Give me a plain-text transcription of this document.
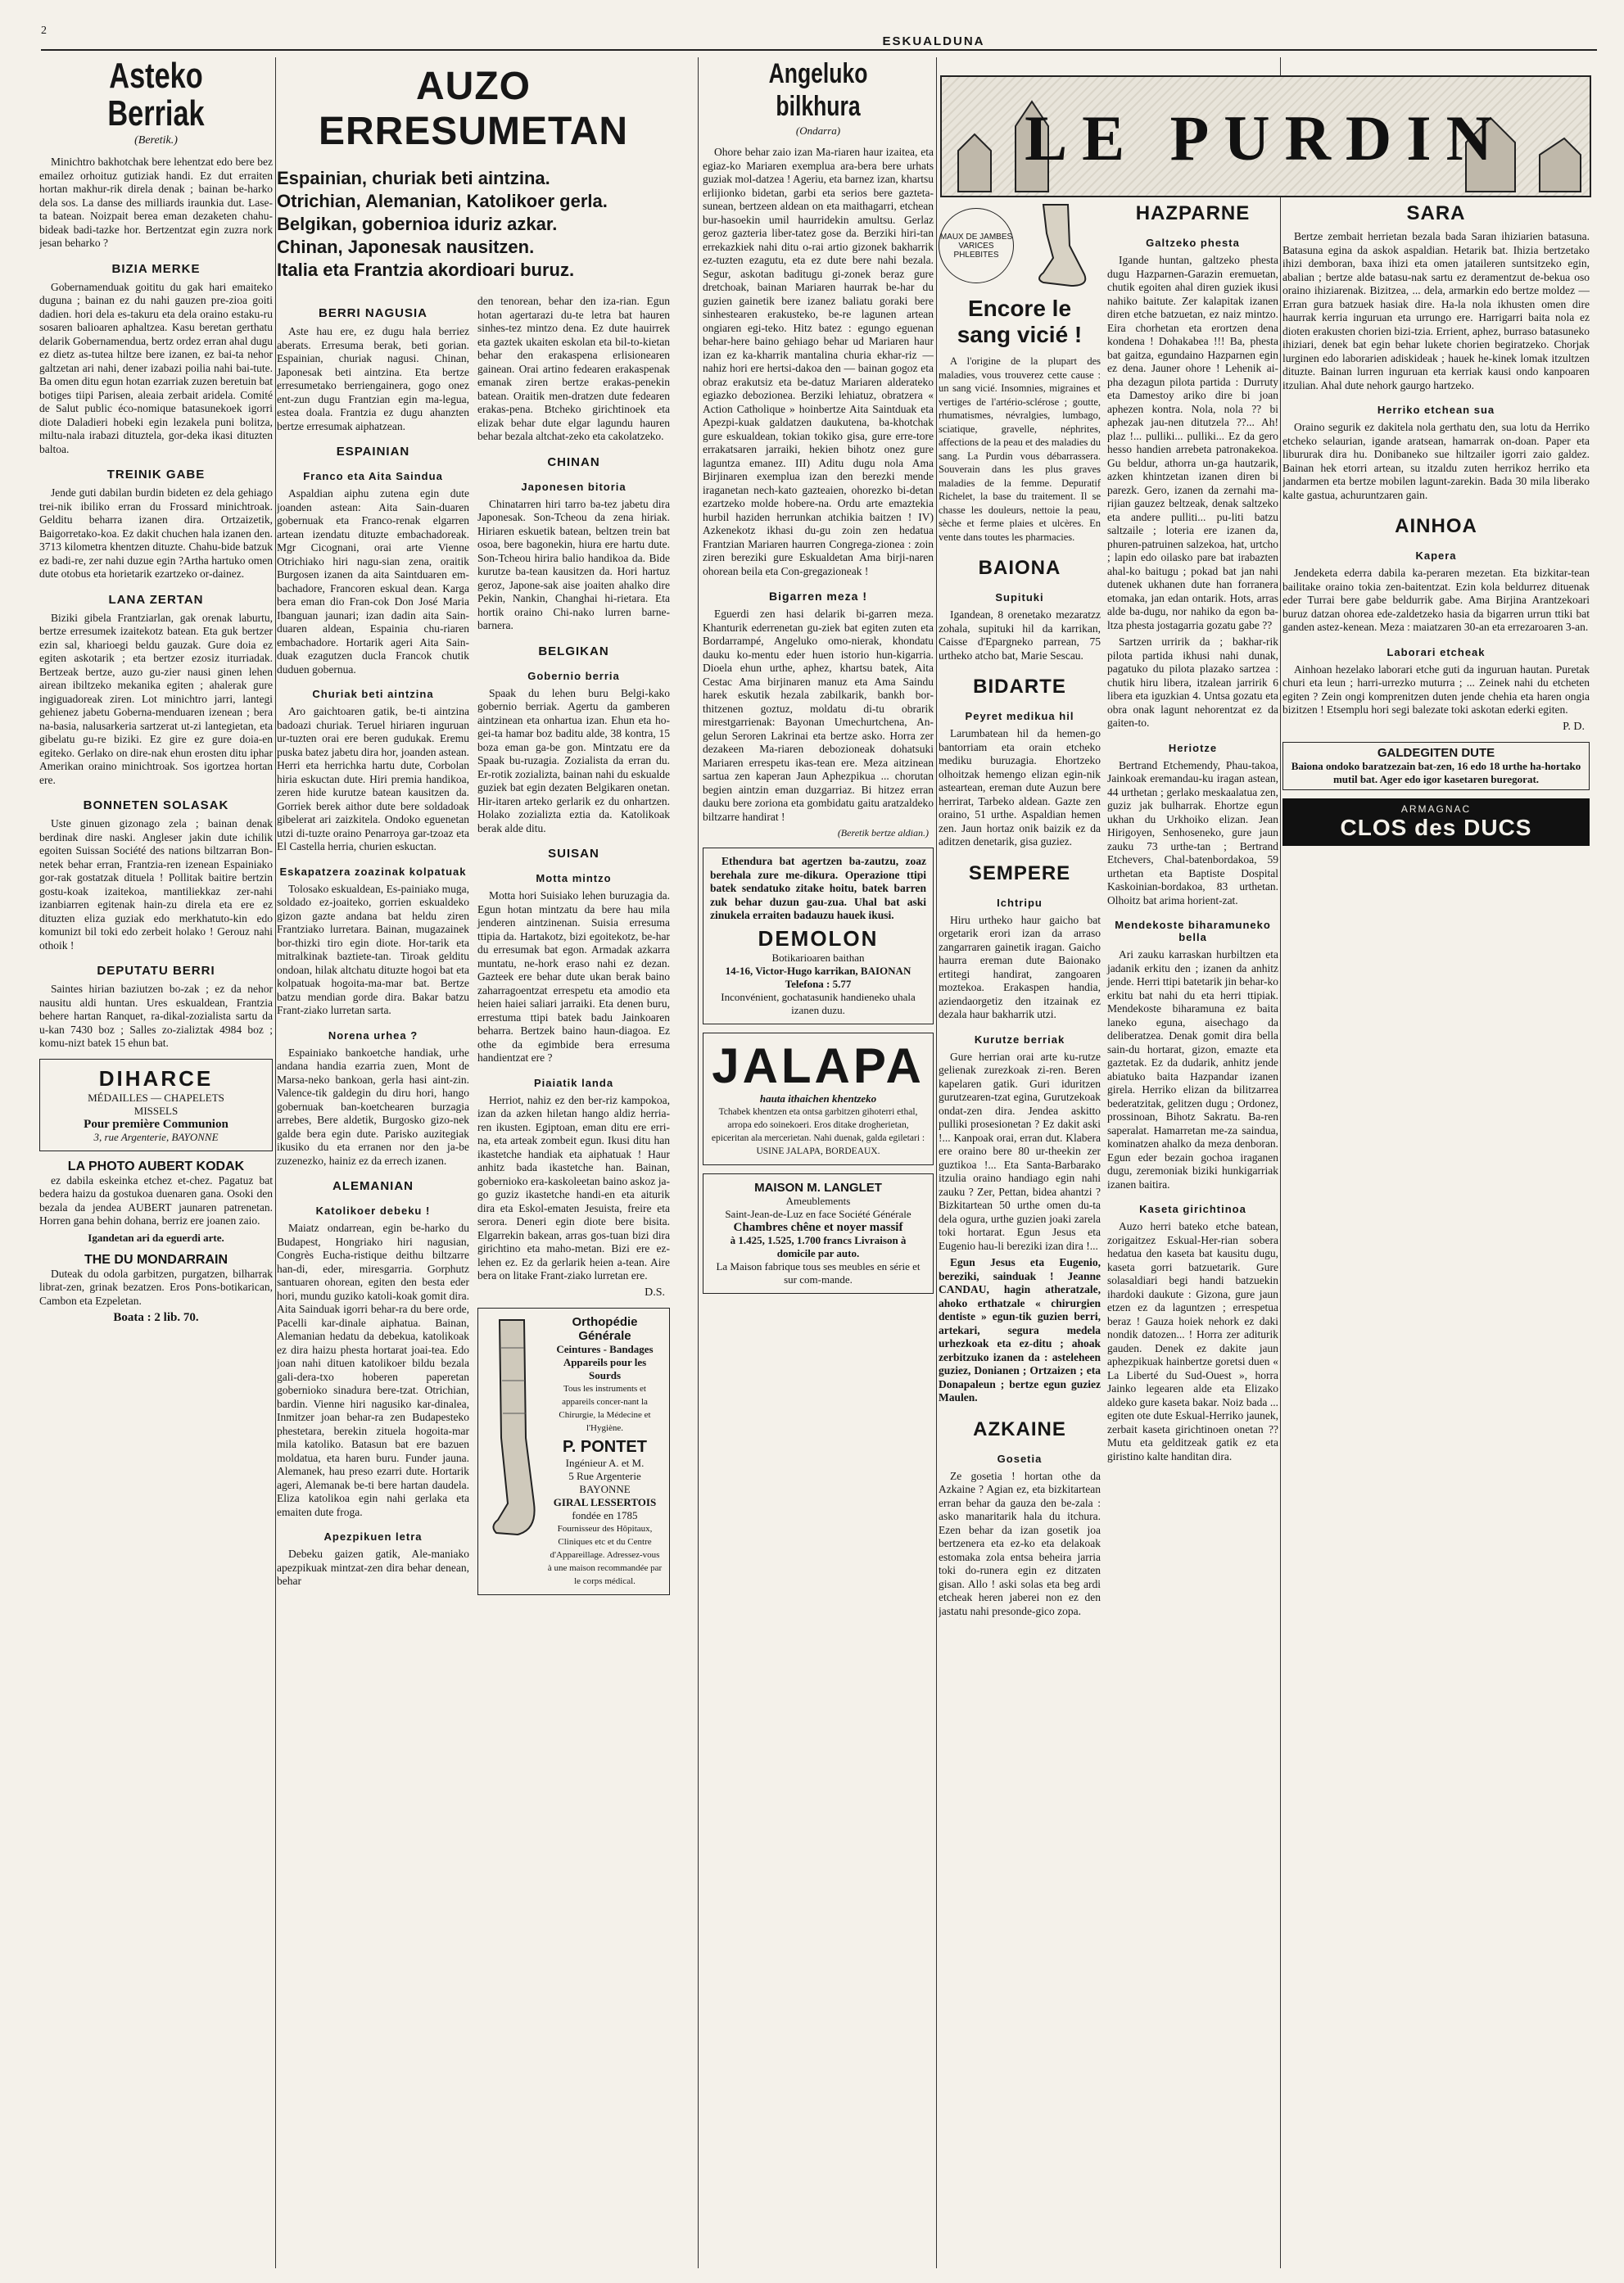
2
ESKUALDUNA
Asteko Berriak
(Beretik.)

Minichtro bakhotchak bere lehentzat edo bere bez emailez orhoituz gutiziak handi. Ez dut erraiten hortan makhur-rik direla denak ; bainan be-harko dela sos. La danse des milliards iraunkia dut. Lase-ta batean. Noizpait berea eman dezaketen chahu-bideak badi-tazke hor. Bertzentzat egin zuzra nork jesan beharko ?

BIZIA MERKE

Gobernamenduak goititu du gak hari emaiteko duguna ; bainan ez du nahi gauzen pre-zioa goiti dadien. hori dela es-takuru eta dela oraino estaku-ru sosaren balioaren aphaltzea. Kasu beretan gerthatu delarik Gobernamendua, bertz ordez erran ahal dugu ez dietz as-tutea hiltze bere izanen, ez bai-ta nehor galtzetan ari nahi, dener izabazi poilia nahi bai-tute. Ba omen ditu egun hotan ezarriak zuzen beretuin bat botiges tiipi Parisen, aleaia zerbait aridela. Comité de Salut public éco-nomique batasunekoek igorri diote Daladieri hobeki egin lezakela puni bolitza, miltu-nala irabazi dituztela, gor-deka ikasi dituzten baltoa.

TREINIK GABE

Jende guti dabilan burdin bideten ez dela gehiago trei-nik ibiliko erran du Frossard minichtroak. Gelditu beharra izanen dira. Ortzaizetik, Baigorretako-koa. Ez dakit chuchen hala izanen den. 3713 kilometra khentzen dituzte. Chahu-bide batzuk ez badi-re, zer nahi duzue egin ?Artha hartuko omen dute otobus eta horietarik ezartzeko or-dainez.

LANA ZERTAN

Biziki gibela Frantziarlan, gak orenak laburtu, bertze erresumek izaitekotz batean. Eta guk bertzer ezin sal, kharioegi beldu gauzak. Gure doia ez egiten askotarik ; eta bertzer ezosiz iturriadak. Bertzeak bertze, auzo gu-zier nausi ginen lehen airean ibiltzeko mekanika egiten ; ahalerak gure ingiguadoreak ziren. Lot minichtro jarri, lantegi gehienez jabetu Goberna-menduaren izenean ; bera na-basia, nalusarkeria sartzerat ut-zi lantegietan, eta gibelatu gu-re biziki. Ez gire ez gure doia-en egiteko. Gerlako on dire-nak ehun erosten ditu iphar Amerikan oraino minichtroak. Sos igortzea hortan ere.

BONNETEN SOLASAK

Uste ginuen gizonago zela ; bainan denak berdinak dire naski. Angleser jakin dute ichilik egoiten Suissan Société des nations biltzarran Bon-netek behar erran, Frantzia-ren izenean Espainiako gor-rak gostatzak dituela ! Pollitak baitire bertzin gostu-koak izaitekoa, mantiliekkaz zer-nahi izanbiarren egitenak hain-zu direla eta ere ez dituzten eliza guziak edo merkhatuto-kin edo komunizt bil toki edo zerbeit holako ! Gerouz nahi othoik !

DEPUTATU BERRI

Saintes hirian baziutzen bo-zak ; ez da nehor nausitu aldi huntan. Ures eskualdean, Frantzia behere hartan Ranquet, ra-dikal-zozialista sartu da u-kan 7430 boz ; Salles zo-zializtak 4984 boz ; komu-nizt batek 15 ehun bat.

DIHARCE
MÉDAILLES — CHAPELETS
MISSELS
Pour première Communion
3, rue Argenterie, BAYONNE
LA PHOTO AUBERT KODAK

ez dabila eskeinka etchez et-chez. Pagatuz bat bedera haizu da gostukoa duenaren gana. Osoki den bezala da jendea AUBERT jaunaren patrenetan. Horren gana behin dohana, berriz ere joanen zaio.

Igandetan ari da eguerdi arte.
THE DU MONDARRAIN

Duteak du odola garbitzen, purgatzen, bilharrak librat-zen, grinak bezatzen. Eros Pons-botikarican, Cambon eta Ezpeletan.

Boata : 2 lib. 70.
AUZO ERRESUMETAN
Espainian, churiak beti aintzina.
Otrichian, Alemanian, Katolikoer gerla.
Belgikan, gobernioa iduriz azkar.
Chinan, Japonesak nausitzen.
Italia eta Frantzia akordioari buruz.
BERRI NAGUSIA

Aste hau ere, ez dugu hala berriez aberats. Erresuma berak, beti gorian. Espainian, churiak nagusi. Chinan, Japonesak beti aintzina. Eta bertze erresumetako berriengainera, gogo onez ent-zun dugu Frantzian egin ma-legua, estea doala. Frantzia ez dugu ahanzten bertze erresumak aiphatzean.

ESPAINIAN
Franco eta Aita Saindua

Aspaldian aiphu zutena egin dute joanden astean: Aita Sain-duaren gobernuak eta Franco-renak elgarren artean izendatu dituzte embachadoreak. Mgr Cicognani, orai arte Vienne Otrichiako hiri nagu-sian zena, oraitik Burgosen izanen da aita Saintduaren em-bachadore, Francoren eskual dean. Karga bera eman dio Fran-cok Don José Maria Ibanguan jaunari; izan dadin aita Sain-duaren aldean, Espainia chu-riaren embachadore. Hortarik ageri Aita Sain-duak ezagutzen ducla Francok chutik duduen gobernua.

Churiak beti aintzina

Aro gaichtoaren gatik, be-ti aintzina badoazi churiak. Teruel hiriaren inguruan ur-tuzten orai ere beren gudukak. Eremu puska batez jabetu dira hor, joanden astean. Herri eta herrichka hartu dute, Corbolan hiria eskuctan dute. Hiri premia handikoa, zeren hide kurutze batean kausitzen da. Gorriek berek aithor dute bere soldadoak gibelerat ari zaizkitela. Ondoko eguenetan utzi di-tuzte oraino Penarroya gar-tzoaz eta El Castella herria, churien eskuctan.

Eskapatzera zoazinak kolpatuak

Tolosako eskualdean, Es-painiako muga, soldado ez-joaiteko, gorrien eskualdeko gizon gazte andana bat heldu ziren Frantziako lurretara. Bainan, mugazainek bor-thizki tiro egin diote. Hor-tarik eta mitralkinak baztiete-tan. Tiroak gelditu ondoan, hilak altchatu dituzte hogoi bat eta kolpatuak hogoita-ma-mar bat. Bertze batzu mendian gorde dira. Bakar batzu Frant-ziako lurretan sarta.

Norena urhea ?

Espainiako bankoetche handiak, urhe andana handia ezarria zuen, Mont de Marsa-neko bankoan, gerla hasi aint-zin. Valence-tik galdegin du diru hori, hango gobernuak ban-koetchearen burzagia arrebes, Bere aldetik, Burgosko gizo-nek galde bera egin dute. Parisko auzitegiak ikusiko du eta erranen nor den ja-be zuzenezko, hainiz ez da errech izanen.

ALEMANIAN
Katolikoer debeku !

Maiatz ondarrean, egin be-harko du Budapest, Hongriako hiri nagusian, Congrès Eucha-ristique deithu biltzarre han-di, eder, miresgarria. Gorphutz santuaren ohorean, egiten den besta eder hori, mundu guziko katoli-koak gomit dira. Aita Sainduak igorri behar-ra du bere orde, Pacelli kar-dinale aiphatua. Bainan, Alemanian hedatu da debekua, katolikoak ez dira haizu phesta hortarat joai-tea. Edo joan nahi dituen katolikoer bildu bezala gali-dera-txo hoberen paperetan gobernioko sinadura bere-tzat. Otrichian, bardin. Vienne hiri nagusiko kar-dinalea, Inmitzer joan behar-ra zen Budapesteko phestetara, berekin zituela hogoita-mar mila katoliko. Batasun bat ere bazuen moldatua, eta haren buru. Funder jauna. Alemanek, hau preso ezarri dute. Hortarik ageri, Alemanak be-ti bere hartan daudela. Eliza katolikoa egin nahi gerlaka eta emaiten dute froga.

Apezpikuen letra

Debeku gaizen gatik, Ale-maniako apezpikuak mintzat-zen dira behar denean, behar

den tenorean, behar den iza-rian. Egun hotan agertarazi du-te letra bat hauren sinhes-tez mintzo dena. Ez dute hauirrek eta gaztek ukaiten eskolan eta bil-to-kietan behar den erakaspena erlisionearen gainean. Orai artino fedearen erakaspenak emanak ziren bertze erakas-penekin batean. Oraitik men-dratzen dute fedearen erakas-pena. Btcheko girichtinoek eta elizak behar dute elgar lagundu hauren behar bezala altchat-zeko eta cakolatzeko.

CHINAN
Japonesen bitoria

Chinatarren hiri tarro ba-tez jabetu dira Japonesak. Son-Tcheou da zena hiriak. Hiriaren eskuetik batean, beltzen trein bat osoa, bere bagonekin, hiura ere hartu dute. Son-Tcheou hirira balio handikoa da. Bide kurutze ba-tean kausitzen da. Hori hartuz geroz, Japone-sak aise joaiten ahalko dire Pekin, Nankin, Changhai hi-rietara. Eta hortik oraino Chi-nako lurren barne-barnera.

BELGIKAN
Gobernio berria

Spaak du lehen buru Belgi-kako gobernio berriak. Agertu da gamberen aintzinean eta onhartua izan. Ehun eta ho-gei-ta hamar boz baditu alde, 38 kontra, 15 boza eman ga-be gon. Mintzatu ere da Spaak bu-ruzagia. Zozialista da erran du. Er-rotik zozializta, bainan nahi du eskualde guziek bat egin dezaten Belgikaren onetan. Hir-itaren arteko gerlarik ez du onhartzen. Holako zozializta eztia da. Katolikoak berak alde ditu.

SUISAN
Motta mintzo

Motta hori Suisiako lehen buruzagia da. Egun hotan mintzatu da bere hau mila jenderen aintzinenan. Suisia erresuma ttipia da. Hartakotz, bizi egoitekotz, be-har du erresumak bat egon. Armadak azkarra muntatu, ne-hork eraso nahi ez dezan. Gazteek ere behar dute ukan berak baino zaharragoentzat errespetu eta amodio eta heien haiei saliari jarraiki. Eta denen buru, errestuma ttipi batek badu Jainkoaren beharra. Bertzek baino haun-diagoa. Ez othe da egimbide bera erresuma handientzat ere ?

Piaiatik landa

Herriot, nahiz ez den ber-riz kampokoa, izan da azken hiletan hango aldiz herria-ren ikusten. Egiptoan, eman ditu ere erri-na, eta arteak zombeit egun. Ikusi ditu han ikastetche handiak eta aiphatuak ! Haur anhitz bada ikastetche han. Bainan, gobernioko era-kaskoleetan baino askoz ja-go guziz ikastetche handi-en eta aiturik dira eta Eskol-ematen Jesuista, freire eta serora. Deneri egin diote bere bisita. Elgarrekin bakean, arras gos-tuan bizi dira girichtino eta maho-metan. Bizi ere ez-lehen ez. Ez da gerlarik heien a-tean. Aire bera on litake Frant-ziako lurretan ere.

D.S.
Orthopédie Générale
Ceintures - Bandages
Appareils pour les Sourds
Tous les instruments et appareils concer-nant la Chirurgie, la Médecine et l'Hygiène.
P. PONTET
Ingénieur A. et M.
5 Rue Argenterie BAYONNE
GIRAL LESSERTOIS
fondée en 1785
Fournisseur des Hôpitaux, Cliniques etc et du Centre d'Appareillage. Adressez-vous à une maison recommandée par le corps médical.
Angeluko bilkhura
(Ondarra)

Ohore behar zaio izan Ma-riaren haur izaitea, eta egiaz-ko Mariaren exemplua ara-bera bere urhats guziak mol-datzea ! Ageriu, eta barnez izan, khartsu erlijionko bidetan, garbi eta serios bere gazteta-sunean, bertzeen aldean on eta maithagarri, etchean bur-hasoekin umil haurridekin amultsu. Gerlaz geroz gazteria liber-tatez gose da. Berziki hiri-tan errekazkiek nahi ditu o-rai artio gizonek bakharrik ez-tuzten ezagutu, eta ez dute bere nahi bezala. Segur, askotan baditugu gi-zonek beraz gure dretchoak, bainan Mariaren haurrak be-har du guzien gainetik bere izanez baliatu goraki bere sinhestearen erakusteko, be-re lagunen artean ongiaren egi-teko. Hitz batez : egungo eguenan behar-here baino gehiago behar ud Mariaren haur izan ez ka-kharrik mantalina churia ekhar-riz — nahiz hori ere hertsi-dakoa den — bainan gogoz eta obraz erakutsiz eta be-datuz Mariaren alderateko egiazko debozionea. Berziki lehiatuz, obratzera « Action Catholique » hoinbertze Aita Saintduak eta Apezpi-kuak galdatzen daukutena, ba-khotchak gure eskualdean, tokian tokiko gisa, gure erre-tore errakatsaren jarraiki, hekien bihotz onez gure laguntza emanez. III) Aditu dugu nola Ama Birjinaren exemplua izan den berezki mende iraganetan nech-kato gazteaien, ohorezko bi-detan ezartzeko molde hobere-na. Ordu arte emaztekia hurbil haziden herrunkan atchikia baitzen ! IV) Azkenekotz ikhasi du-gu zoin zen hedatua Frantzian Mariaren haurren Congrega-zionea : zoin ziren bereziki gure Eskualdetan Ama birji-naren ohorean beila eta Con-gregazioneak !

Bigarren meza !

Eguerdi zen hasi delarik bi-garren meza. Khanturik ederrenetan gu-ziek bat egiten zuten eta Bordarrampé, Angeluko omo-nierak, khondatu dauku ko-mentu eder huen istorio hun-kigarria. Dioela ehun urthe, aphez, khartsu batek, Aita Cestac Ama birjinaren manuz eta Ama Saindu harek eskutik hezala zabilkarik, bankh bor-thitzenen goztuz, moldatu di-tu obrarik mirestgarrienak: Bayonan Umechurtchena, An-gelun Seroren Lakrinai eta bertze asko. Horra zer dezakeen Ma-riaren debozioneak dohatsuki Mariaren errespetu ikas-tean ere. Meza aitzinean sartua zen kaperan Jaun Aphezpikua ... chorutan begien aintzin eman duzgarriaz. Bi hitzez erran dauku bere zoriona eta gombidatu gaitu aratzaldeko biltzarre handirat !

(Beretik bertze aldian.)

Ethendura bat agertzen ba-zautzu, zoaz berehala zure me-dikura. Operazione ttipi batek sendatuko zitake hoitu, batek barren zuk behar duzun gau-zua. Uhal bat aski zinukela erraiten badauzu hauek ikusi.

DEMOLON
Botikarioaren baithan
14-16, Victor-Hugo karrikan, BAIONAN
Telefona : 5.77
Inconvénient, gochatasunik handieneko uhala izanen duzu.
JALAPA
hauta ithaichen khentzeko
Tchabek khentzen eta ontsa garbitzen gihoterri ethal, arropa edo soinekoeri. Eros ditake drogherietan, epiceritan ala mercerietan. Nahi duenak, galda egiletari : USINE JALAPA, BORDEAUX.
MAISON M. LANGLET
Ameublements
Saint-Jean-de-Luz en face Société Générale
Chambres chêne et noyer massif
à 1.425, 1.525, 1.700 francs Livraison à domicile par auto.
La Maison fabrique tous ses meubles en série et sur com-mande.
LE PURDIN
MAUX DE JAMBES VARICES PHLEBITES
Encore le sang vicié !

A l'origine de la plupart des maladies, vous trouverez cette cause : un sang vicié. Insomnies, migraines et vertiges de l'artério-sclérose ; goutte, rhumatismes, névralgies, lumbago, sciatique, gravelle, néphrites, affections de la peau et des maladies du sang. La Purdin vous débarrassera. Souverain dans les plus graves maladies de la femme. Depuratif Richelet, la base du traitement. Il se chasse les douleurs, nettoie la peau, sèche et ferme plaies et ulcères. En vente dans toutes les pharmacies.

BAIONA
Supituki

Igandean, 8 orenetako mezaratzz zohala, supituki hil da karrikan, Caisse d'Epargneko parrean, 75 urtheko atcho bat, Marie Sescau.

BIDARTE
Peyret medikua hil

Larumbatean hil da hemen-go bantorriam eta orain etcheko mediku buruzagia. Ehortzeko olhoitzak hemengo elizan egin-nik asteartean, ereman dute Auzun bere herrirat, Tarbeko aldean. Gazte zen oraino, 51 urthe. Aspaldian hemen zen. Jaun hortaz onik baizik ez da aditzen denetarik, gisa guziez.

SEMPERE
Ichtripu

Hiru urtheko haur gaicho bat orgetarik erori izan da arraso zangarraren gainetik iragan. Gaicho haurra ereman dute Baionako ertitegi handirat, zangoaren moztekoa. Erakaspen handia, aziendaorgetiz den itzainak ez dezala haur bakharrik utzi.

Kurutze berriak

Gure herrian orai arte ku-rutze gelienak zurezkoak zi-ren. Beren kapelaren gatik. Guri iduritzen gurutzearen-tzat egina, Gurutzekoak ondat-zen dira. Jendea askitto pulliki prosesionetan ? Ez dakit aski !... Kanpoak orai, erran dut. Klabera ere oraino bere 80 ur-theekin zer guztikoa !... Eta Santa-Barbarako itzulia oraino handiago egin nahi zauku ? Zer, Pettan, bidea ahantzi ? Bizkitartean 50 urthe omen du-ta dela ogura, urthe guzien joaki zarela toki hortarat. Egun Jesus eta Eugenio hau-li bereziki izan dira !...

Egun Jesus eta Eugenio, bereziki, sainduak ! Jeanne CANDAU, hagin atheratzale, ahoko erthatzale « chirurgien dentiste » egun-tik guzien berri, artekari, segura medela urhezkoak eta ez-ditu ; ahoak zerbitzuko izanen da : asteleheen guziez, Donianen ; Ortzaizen ; eta Donapaleun ; bertze egun guziez Maulen.

AZKAINE
Gosetia

Ze gosetia ! hortan othe da Azkaine ? Agian ez, eta bizkitartean erran behar da gauza den be-zala : asko manaritarik hala du itchura. Ezen behar da izan gosetik joa bertzenera eta ez-ko eta delakoak estomaka zola entsa beheira jarria toki do-runera egin ez ditzaten gisan. Allo ! aski solas eta beg ardi etcheak heren jaberei non ez den jastatu nahi presonde-gico zopa.

HAZPARNE
Galtzeko phesta

Igande huntan, galtzeko phesta dugu Hazparnen-Garazin eremuetan, chutik egoiten ahal diren guziek ikusi nahiko baitute. Zer kalapitak izanen diren etche batzuetan, ez naiz mintzo. Eira chorhetan eta erortzen dena kondena ! Dohakabea !!! Ba, phesta bat gaitza, egundaino Hazparnen egin ez dena. Jauner ohore ! Lehenik ai-pha dezagun pilota partida : Durruty eta Damestoy ariko dire bi joan aphezen kontra. Nola, nola ?? bi aphezak jau-nen ditutzela ??... Ah! plaz !... pulliki... pulliki... Ez da gero hesso handien arrebeta patronakekoa. Gu beldur, athorra un-ga hautzarik, azken khintzetan izanen diren bi parezk. Gero, izanen da zernahi ma-rijian gauzez beltzeak, denak saltzeko eta andere pulliti... pu-liti batzu saltzaile ; loteria ere izanen da, phuren-patruinen salzekoa, hat, urtcho ; lapin edo oilasko pare bat irabazten ahal-ko baitugu ; pokad bat jan nahi dutenek ukhanen dute han forranera etomaka, jan edan ontarik. Hots, arras alde ba-dugu, nor nahiko da egon ba-ltza phesta jostagarria gozatu gabe ??

Sartzen urririk da ; bakhar-rik pilota partida ikhusi nahi dunak, pagatuko du pilota plazako sartzea : chutik hiru libera, itzalean jarririk 6 libera eta iguzkian 4. Untsa gozatu eta obra onak lagunt nehorentzat ez da gaiten-to.

Heriotze

Bertrand Etchemendy, Phau-takoa, Jainkoak eremandau-ku iragan astean, 44 urthetan ; gerlako meskaalatua zen, guziz jak bulharrak. Ehortze egun ukhan du Urkhoiko elizan. Jean Hirigoyen, Senhoseneko, gure jaun zauku 73 urthe-tan ; Bertrand Etchevers, Chal-batenbordakoa, 59 urthetan eta Baptiste Dospital Kaskoinian-bordakoa, 83 urthetan. Olhoitz bat arima horient-zat.

Mendekoste biharamuneko bella

Ari zauku karraskan hurbiltzen eta jadanik erkitu den ; izanen da anhitz jende. Herri ttipi batetarik jin behar-ko erkitu bat nahi du eta herri ttipiak. Mendekoste biharamuna ez baita laneko eguna, aisechago da deliberatzea. Denak gomit dira bella sain-du hortarat, gizon, emazte eta gaztetak. Ez da dudarik, anhitz jende abiatuko baita Hazpandar izanen girela. Herriko elizan da bilitzarrea bederatzitak, gelitzen dugu ; Ordonez, prossinoan, Bihotz Sakratu. Ba-ren saperalat. Hamarretan me-za saindua, kominatzen ahalko da meza denboran. Egun eder bezain gochoa iraganen dugu, zeremoniak biziki hunkigarriak izanen baitira.

Kaseta girichtinoa

Auzo herri bateko etche batean, zorigaitzez Eskual-Her-rian sobera hedatua den kaseta bat kausitu dugu, kaseta gorri batzuetarik. Gure solasaldiari begi handi batzuekin ihardoki daukute : Gizona, gure jaun etzen ez da laguntzen ; errespetua beraz ! Gauza hoiek nehork ez daki nondik datozen... ! Horra zer aditurik gauden. Denek ez dakite jaun aphezpikuak hainbertze goretsi duen « La Liberté du Sud-Ouest », horra Jainko legearen alde eta Elizako aldeko gure kaseta bakar. Noiz bada ... egiten ote dute Eskual-Herriko jaunek, zerbait kaseta girichtinoen onetan ?? Mutu eta gelditzeak gatik ez eta giristino kalte handitan dira.

SARA

Bertze zembait herrietan bezala bada Saran ihiziarien batasuna. Batasuna egina da askok aspaldian. Hetarik bat. Ihizia bertzetako ihizi demboran, baxa ihizi eta omen jataileren suntsitzeko egin, abalian ; bertze alde batasu-nak sartu ez deramentzut de-bekua oso oraino ihiziarenak. Bizitzea, ... dela, armarkin edo bertze moldez — Erran gura batzuek hasiak dire. Ha-la nola ikhusten omen dire haurrak kerria inguruan eta urrungo ere. Harrigarri baita nola ez dioten erakusten chorien bizi-tzia. Errient, aphez, burraso batasuneko ihiziari, denek bat egin behar lukete chorien begiratzeko. Chorjak lurginen edo laborarien adiskideak ; hauek he-kinek lomak itzultzen dituzte. Bainan lurren inguruan eta kerriak kausi ondo kanpoaren itzulian. Ahal dute nehork gaurgo hartzeko.

Herriko etchean sua

Oraino segurik ez dakitela nola gerthatu den, sua lotu da Herriko etcheko selaurian, igande aratsean, hamarrak on-doan. Paper eta libururak dira hu. Donibaneko sue hiltzailer igorri zaio galdez. Bainan hek etorri artean, su itzaldu zuten herrikoz herriko eta jandarmen eta bertze mobilen lagunt-zarekin. Bada 30 mila liberako kalte gastua, achuruntzaren gain.

AINHOA
Kapera

Jendeketa ederra dabila ka-peraren mezetan. Eta bizkitar-tean bailitake oraino tokia zen-baitentzat. Ezin kola beldurrez dituenak eder Turrai bere gabe beldurrik gabe. Ama Birjina Arantzekoari buruz datzan ohorea ede-zaldetzeko hasia da bigarren urrun ttiki bat ganden astez-kenean. Meza : maiatzaren 30-an eta errezaroaren 3-an.

Laborari etcheak

Ainhoan hezelako laborari etche guti da inguruan hautan. Puretak churi eta leun ; harri-urrezko muturra ; ... Zeinek nahi du etcheten egiten ? Zein ongi komprenitzen duten jende chehia eta haren ongia bizitzen ! Etsemplu hori segi balezate toki askotan ederki egiten.

P. D.
GALDEGITEN DUTE
Baiona ondoko baratzezain bat-zen, 16 edo 18 urthe ha-hortako mutil bat. Ager edo igor kasetaren buregorat.
ARMAGNAC
CLOS des DUCS
